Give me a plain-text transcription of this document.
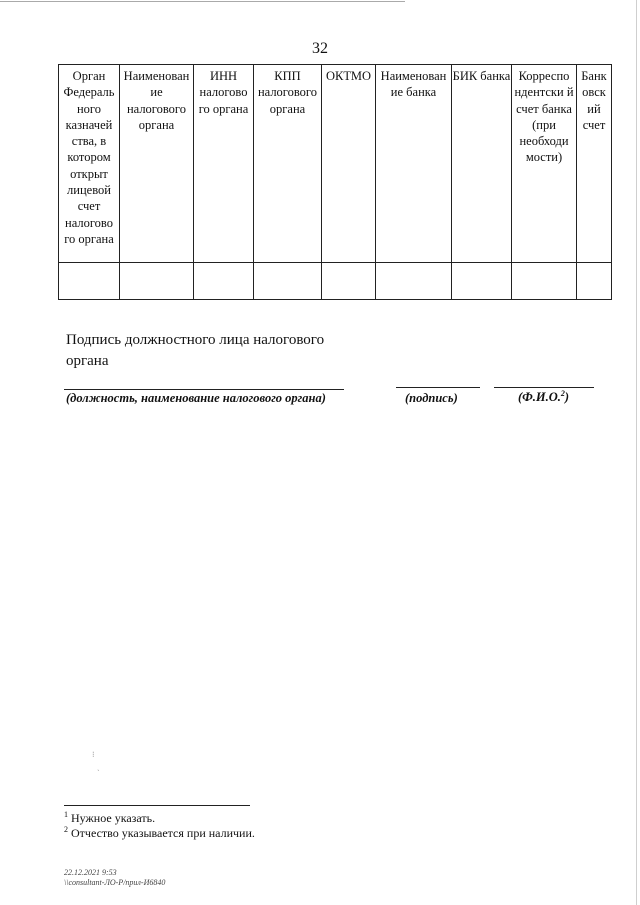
32
Орган Федераль ного казначей ства, в котором открыт лицевой счет налогово го органа	Наименован ие налогового органа	ИНН налогово го органа	КПП налогового органа	ОКТМО	Наименован ие банка	БИК банка	Корреспо ндентски й счет банка (при необходи мости)	Банк овск ий счет

Подпись должностного лица налогового органа
(должность, наименование налогового органа)	(подпись)	(Ф.И.О.$^2$)
⁝
ˎ
$^1$ Нужное указать.
$^2$ Отчество указывается при наличии.
22.12.2021 9:53
\\consultant-ЛО-Р/прил-И6840
